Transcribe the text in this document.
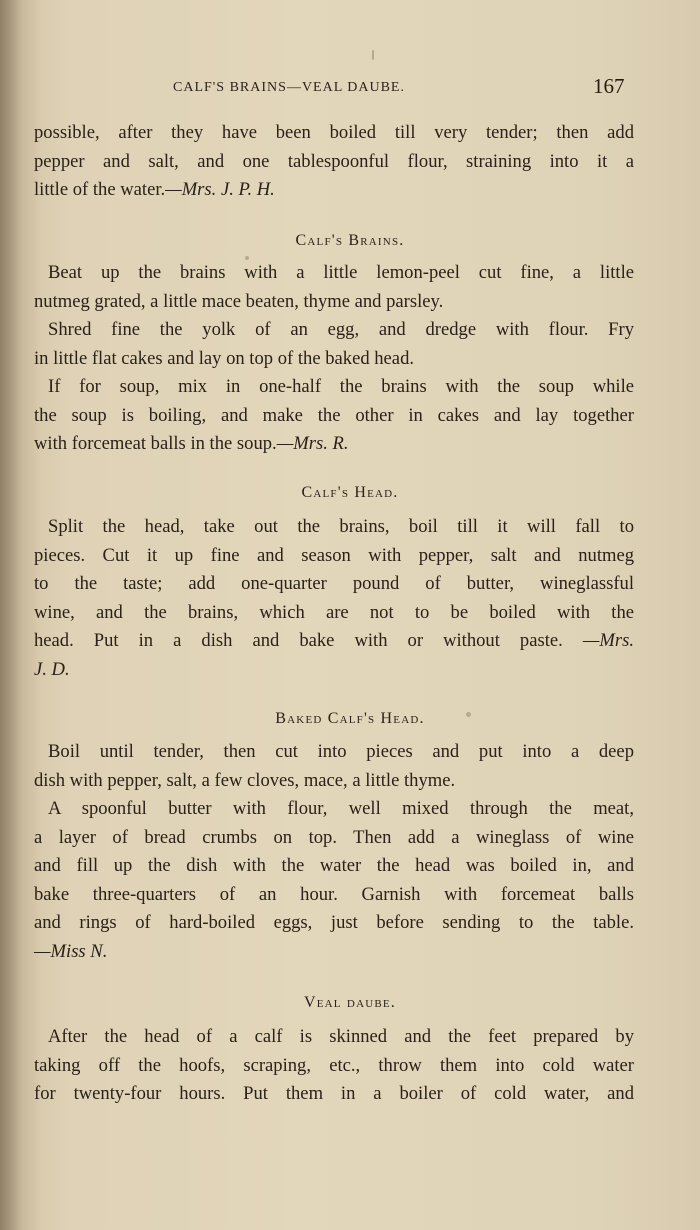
CALF'S BRAINS—VEAL DAUBE.	167
possible, after they have been boiled till very tender; then add
pepper and salt, and one tablespoonful flour, straining into it a
little of the water.—Mrs. J. P. H.
Calf's Brains.
Beat up the brains with a little lemon-peel cut fine, a little
nutmeg grated, a little mace beaten, thyme and parsley.
Shred fine the yolk of an egg, and dredge with flour. Fry
in little flat cakes and lay on top of the baked head.
If for soup, mix in one-half the brains with the soup while
the soup is boiling, and make the other in cakes and lay together
with forcemeat balls in the soup.—Mrs. R.
Calf's Head.
Split the head, take out the brains, boil till it will fall to
pieces. Cut it up fine and season with pepper, salt and nutmeg
to the taste; add one-quarter pound of butter, wineglassful
wine, and the brains, which are not to be boiled with the
head. Put in a dish and bake with or without paste. —Mrs.
J. D.
Baked Calf's Head.
Boil until tender, then cut into pieces and put into a deep
dish with pepper, salt, a few cloves, mace, a little thyme.
A spoonful butter with flour, well mixed through the meat,
a layer of bread crumbs on top. Then add a wineglass of wine
and fill up the dish with the water the head was boiled in, and
bake three-quarters of an hour. Garnish with forcemeat balls
and rings of hard-boiled eggs, just before sending to the table.
—Miss N.
Veal daube.
After the head of a calf is skinned and the feet prepared by
taking off the hoofs, scraping, etc., throw them into cold water
for twenty-four hours. Put them in a boiler of cold water, and
